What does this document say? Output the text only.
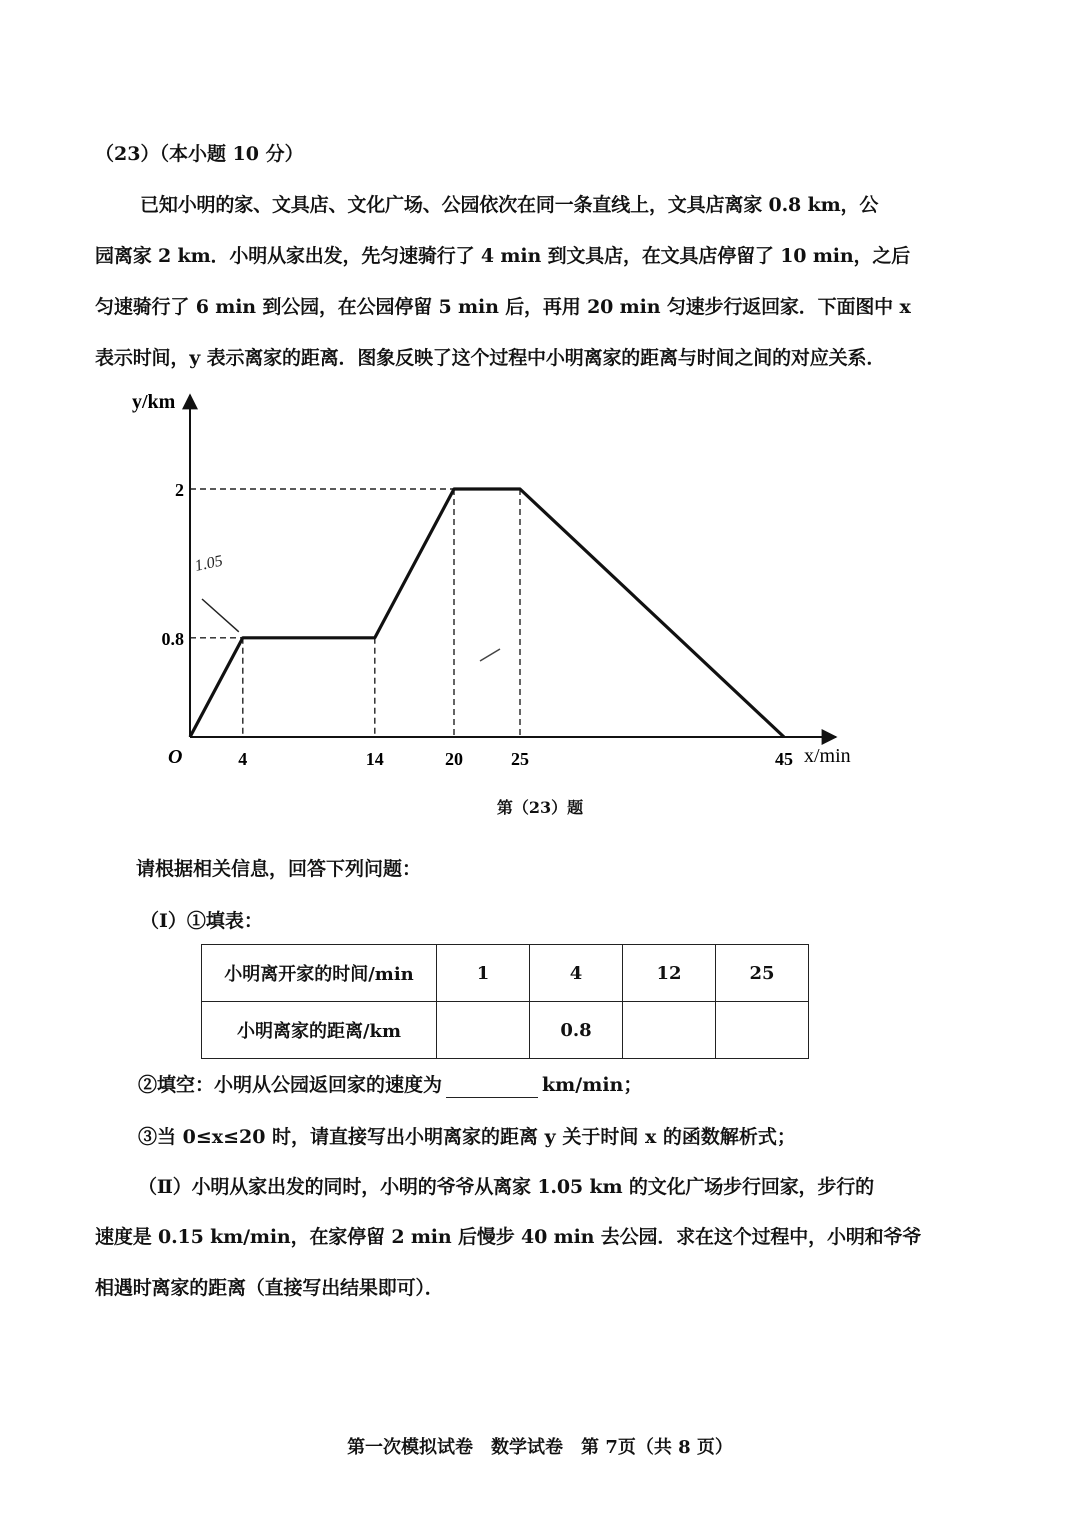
（23）（本小题 10 分）
已知小明的家、文具店、文化广场、公园依次在同一条直线上，文具店离家 0.8 km，公
园离家 2 km．小明从家出发，先匀速骑行了 4 min 到文具店，在文具店停留了 10 min，之后
匀速骑行了 6 min 到公园，在公园停留 5 min 后，再用 20 min 匀速步行返回家．下面图中 x
表示时间，y 表示离家的距离．图象反映了这个过程中小明离家的距离与时间之间的对应关系．
4	14	20	25	45
0.8
2
O
y/km
x/min
1.05
第（23）题
请根据相关信息，回答下列问题：
（Ⅰ）①填表：
小明离开家的时间/min	1	4	12	25
小明离家的距离/km		0.8		
②填空：小明从公园返回家的速度为	km/min；
③当 0≤x≤20 时，请直接写出小明离家的距离 y 关于时间 x 的函数解析式；
（Ⅱ）小明从家出发的同时，小明的爷爷从离家 1.05 km 的文化广场步行回家，步行的
速度是 0.15 km/min，在家停留 2 min 后慢步 40 min 去公园．求在这个过程中，小明和爷爷
相遇时离家的距离（直接写出结果即可）．
第一次模拟试卷　数学试卷　第 7页（共 8 页）
